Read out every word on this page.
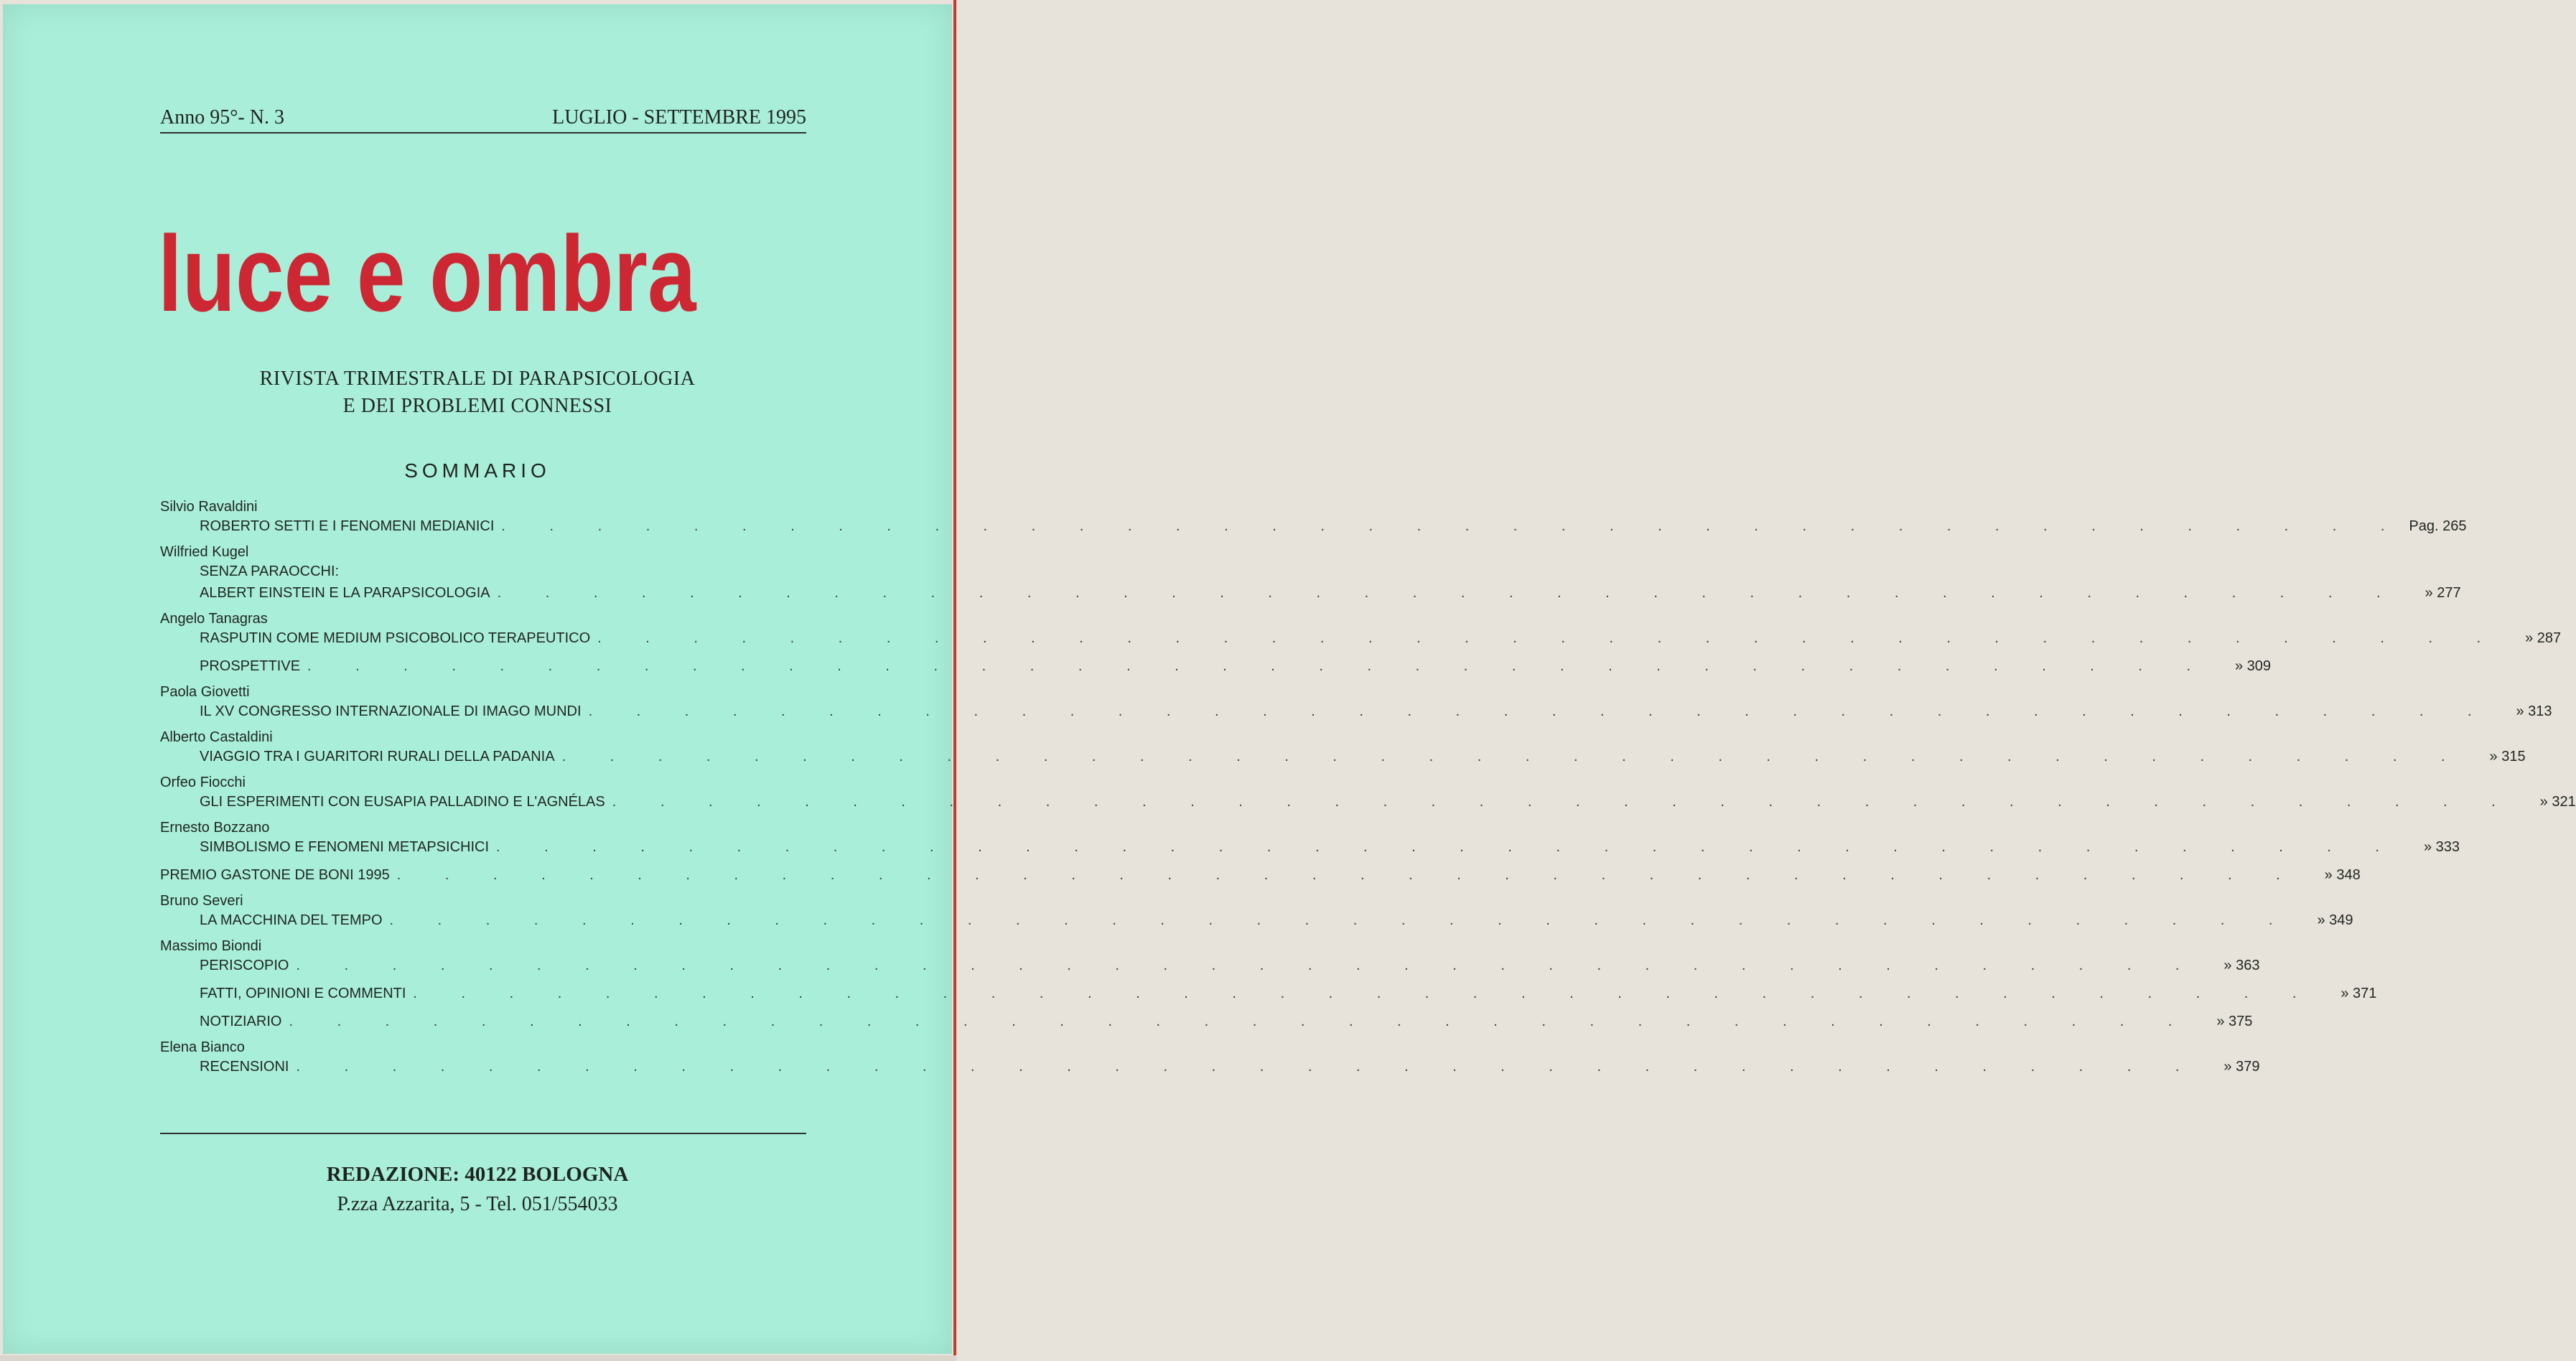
Anno 95°- N. 3	LUGLIO - SETTEMBRE 1995
luce e ombra
RIVISTA TRIMESTRALE DI PARAPSICOLOGIA
E DEI PROBLEMI CONNESSI
SOMMARIO
Silvio Ravaldini
ROBERTO SETTI E I FENOMENI MEDIANICI . . . . . . . . . . . . . . . . . . . . . . . . . . . . . . . . . . . . . . . . Pag. 265
Wilfried Kugel
SENZA PARAOCCHI:
ALBERT EINSTEIN E LA PARAPSICOLOGIA . . . . . . . . . . . . . . . . . . . . . . . . . . . . . . . . . . . . . . . .	» 277
Angelo Tanagras
RASPUTIN COME MEDIUM PSICOBOLICO TERAPEUTICO . . . . . . . . . . . . . . . . . . . . . . . . . . . . . . . . . . . . . . . .	» 287
PROSPETTIVE . . . . . . . . . . . . . . . . . . . . . . . . . . . . . . . . . . . . . . . .	» 309
Paola Giovetti
IL XV CONGRESSO INTERNAZIONALE DI IMAGO MUNDI . . . . . . . . . . . . . . . . . . . . . . . . . . . . . . . . . . . . . . . .	» 313
Alberto Castaldini
VIAGGIO TRA I GUARITORI RURALI DELLA PADANIA . . . . . . . . . . . . . . . . . . . . . . . . . . . . . . . . . . . . . . . .	» 315
Orfeo Fiocchi
GLI ESPERIMENTI CON EUSAPIA PALLADINO E L'AGNÉLAS . . . . . . . . . . . . . . . . . . . . . . . . . . . . . . . . . . . . . . . .	» 321
Ernesto Bozzano
SIMBOLISMO E FENOMENI METAPSICHICI . . . . . . . . . . . . . . . . . . . . . . . . . . . . . . . . . . . . . . . .	» 333
PREMIO GASTONE DE BONI 1995 . . . . . . . . . . . . . . . . . . . . . . . . . . . . . . . . . . . . . . . .	» 348
Bruno Severi
LA MACCHINA DEL TEMPO . . . . . . . . . . . . . . . . . . . . . . . . . . . . . . . . . . . . . . . .	» 349
Massimo Biondi
PERISCOPIO . . . . . . . . . . . . . . . . . . . . . . . . . . . . . . . . . . . . . . . .	» 363
FATTI, OPINIONI E COMMENTI . . . . . . . . . . . . . . . . . . . . . . . . . . . . . . . . . . . . . . . .	» 371
NOTIZIARIO . . . . . . . . . . . . . . . . . . . . . . . . . . . . . . . . . . . . . . . .	» 375
Elena Bianco
RECENSIONI . . . . . . . . . . . . . . . . . . . . . . . . . . . . . . . . . . . . . . . .	» 379
REDAZIONE: 40122 BOLOGNA
P.zza Azzarita, 5 - Tel. 051/554033
